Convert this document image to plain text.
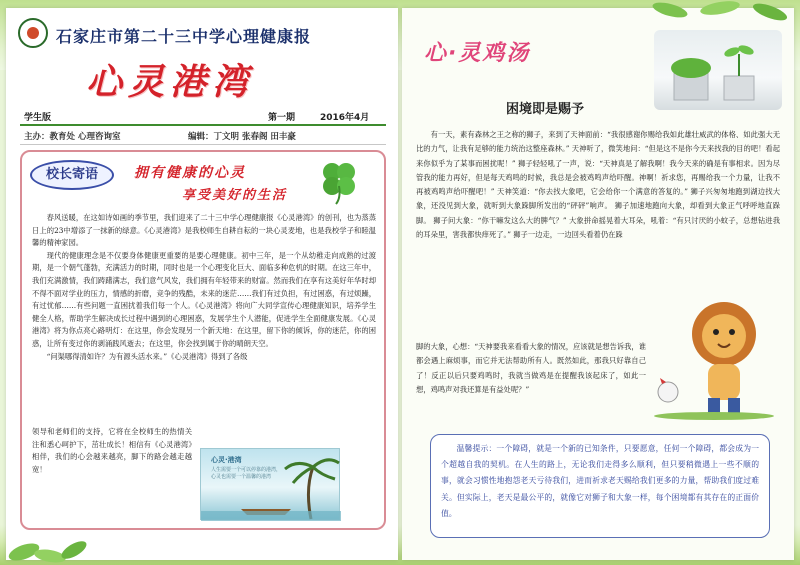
石家庄市第二十三中学心理健康报
心灵港湾
学生版	第一期	2016年4月
主办：教育处 心理咨询室	编辑：丁文明 张春阁 田丰豪
校长寄语	拥有健康的心灵
享受美好的生活

春风送暖，在这如诗如画的季节里，我们迎来了二十三中学心理健康报《心灵港湾》的创刊，也为蒸蒸日上的23中增添了一抹新的绿意。《心灵港湾》是我校师生自耕自耘的一块心灵麦地，也是我校学子和睦温馨的精神家园。

现代的健康理念是不仅要身体健康更重要的是要心理健康。初中三年，是一个从幼稚走向成熟的过渡期，是一个朝气蓬勃，充满活力的时期，同时也是一个心理变化巨大、面临多种危机的时期。在这三年中，我们充满激情，我们踌躇满志，我们意气风发，我们拥有年轻带来的财富。然而我们在享有这美好年华时却不得不面对学业的压力，情感的折磨，竞争的残酷，未来的迷茫……我们有过负担，有过困惑，有过烦躁，有过忧郁……有些问题一直困扰着我们每一个人。《心灵港湾》将向广大同学宣传心理健康知识，培养学生健全人格，帮助学生解决成长过程中遇到的心理困惑，发展学生个人潜能，促进学生全面健康发展。《心灵港湾》将为你点亮心路明灯：在这里，你会发现另一个新天地：在这里，留下你的倾诉，你的迷茫，你的困惑，让所有变过你的剥涌践风逝去；在这里，你会找到属于你的晴朗天空。

“问渠哪得清如许？为有源头活水来。”《心灵港湾》得到了各级

领导和老师们的支持，它将在全校师生的热情关注和悉心呵护下，茁壮成长！相信有《心灵港湾》相伴，我们的心会越来越亮，脚下的路会越走越宽！
心灵·港湾
人生需要一个可以停靠的港湾，心灵也需要一个温馨的港湾
心·灵鸡汤
困境即是赐予

有一天，素有森林之王之称的狮子，来到了天神面前：“我很感谢你赐给我如此雄壮威武的体格、如此强大无比的力气，让我有足够的能力统治这整座森林。” 天神听了，微笑地问：“但是这不是你今天来找我的目的吧！看起来你似乎为了某事而困扰呢！” 狮子轻轻吼了一声，说：“天神真是了解我啊！我今天来的确是有事相求。因为尽管我的能力再好，但是每天鸡鸣的时候，我总是会被鸡鸣声给吓醒。神啊！祈求您，再赐给我一个力量，让我不再被鸡鸣声给吓醒吧！” 天神笑道：“你去找大象吧，它会给你一个满意的答复的。” 狮子兴匆匆地跑到湖边找大象，还没见到大象，就听到大象跺脚所发出的“砰砰”响声。 狮子加速地跑向大象，却看到大象正气呼呼地直跺脚。 狮子问大象：“你干嘛发这么大的脾气？” 大象拼命摇晃着大耳朵，吼着：“有只讨厌的小蚊子，总想钻进我的耳朵里，害我都快痒死了。” 狮子一边走，一边回头看着仍在跺

脚的大象，心想：“天神要我来看看大象的情况，应该就是想告诉我，谁都会遇上麻烦事，而它并无法帮助所有人。既然如此，那我只好靠自己了！反正以后只要鸡鸣时，我就当做鸡是在提醒我该起床了，如此一想，鸡鸣声对我还算是有益处呢？”
温馨提示：一个障碍，就是一个新的已知条件，只要愿意，任何一个障碍，都会成为一个超越自我的契机。在人生的路上，无论我们走得多么顺利，但只要稍微遇上一些不顺的事，就会习惯性地抱怨老天亏待我们，进而祈求老天赐给我们更多的力量，帮助我们度过难关。但实际上，老天是最公平的，就像它对狮子和大象一样，每个困境都有其存在的正面价值。
